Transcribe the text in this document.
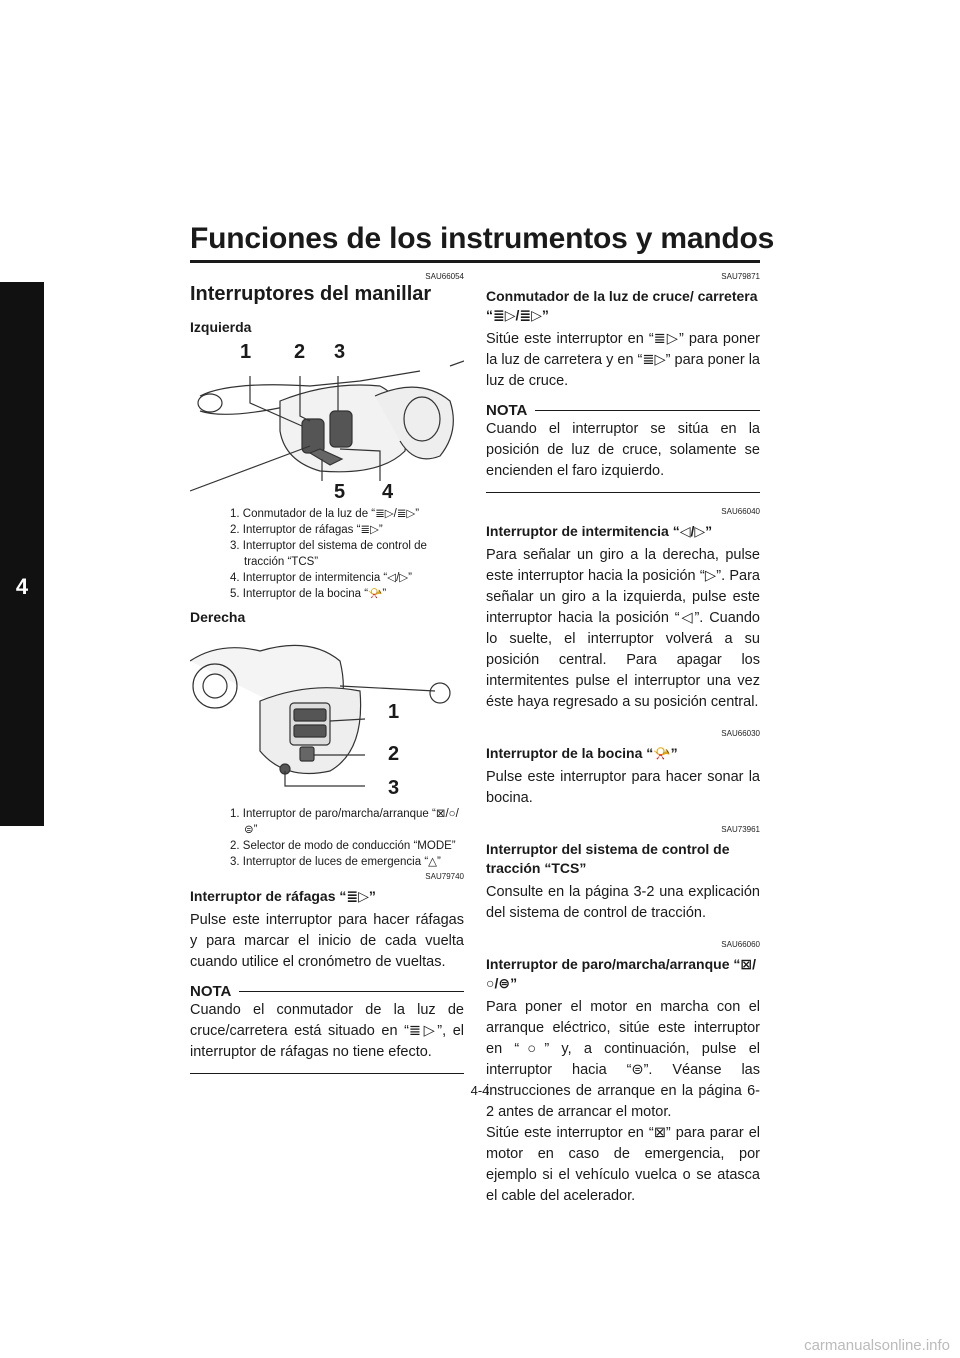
Funciones de los instrumentos y mandos
4
SAU66054
Interruptores del manillar
Izquierda
1 2 3
5 4
1. Conmutador de la luz de “≣▷/≣▷”
2. Interruptor de ráfagas “≣▷”
3. Interruptor del sistema de control de tracción “TCS”
4. Interruptor de intermitencia “◁/▷”
5. Interruptor de la bocina “📯”
Derecha
1
2
3
1. Interruptor de paro/marcha/arranque “⊠/○/⊜”
2. Selector de modo de conducción “MODE”
3. Interruptor de luces de emergencia “△”
SAU79740
Interruptor de ráfagas “≣▷”

Pulse este interruptor para hacer ráfagas y para marcar el inicio de cada vuelta cuando utilice el cronómetro de vueltas.

NOTA

Cuando el conmutador de la luz de cruce/carretera está situado en “≣▷”, el interruptor de ráfagas no tiene efecto.

SAU79871
Conmutador de la luz de cruce/ carretera “≣▷/≣▷”

Sitúe este interruptor en “≣▷” para poner la luz de carretera y en “≣▷” para poner la luz de cruce.

NOTA

Cuando el interruptor se sitúa en la posición de luz de cruce, solamente se encienden el faro izquierdo.

SAU66040
Interruptor de intermitencia “◁/▷”

Para señalar un giro a la derecha, pulse este interruptor hacia la posición “▷”. Para señalar un giro a la izquierda, pulse este interruptor hacia la posición “◁”. Cuando lo suelte, el interruptor volverá a su posición central. Para apagar los intermitentes pulse el interruptor una vez éste haya regresado a su posición central.

SAU66030
Interruptor de la bocina “📯”

Pulse este interruptor para hacer sonar la bocina.

SAU73961
Interruptor del sistema de control de tracción “TCS”

Consulte en la página 3-2 una explicación del sistema de control de tracción.

SAU66060
Interruptor de paro/marcha/arranque “⊠/○/⊜”

Para poner el motor en marcha con el arranque eléctrico, sitúe este interruptor en “○” y, a continuación, pulse el interruptor hacia “⊜”. Véanse las instrucciones de arranque en la página 6-2 antes de arrancar el motor.

Sitúe este interruptor en “⊠” para parar el motor en caso de emergencia, por ejemplo si el vehículo vuelca o se atasca el cable del acelerador.

4-4
carmanualsonline.info
